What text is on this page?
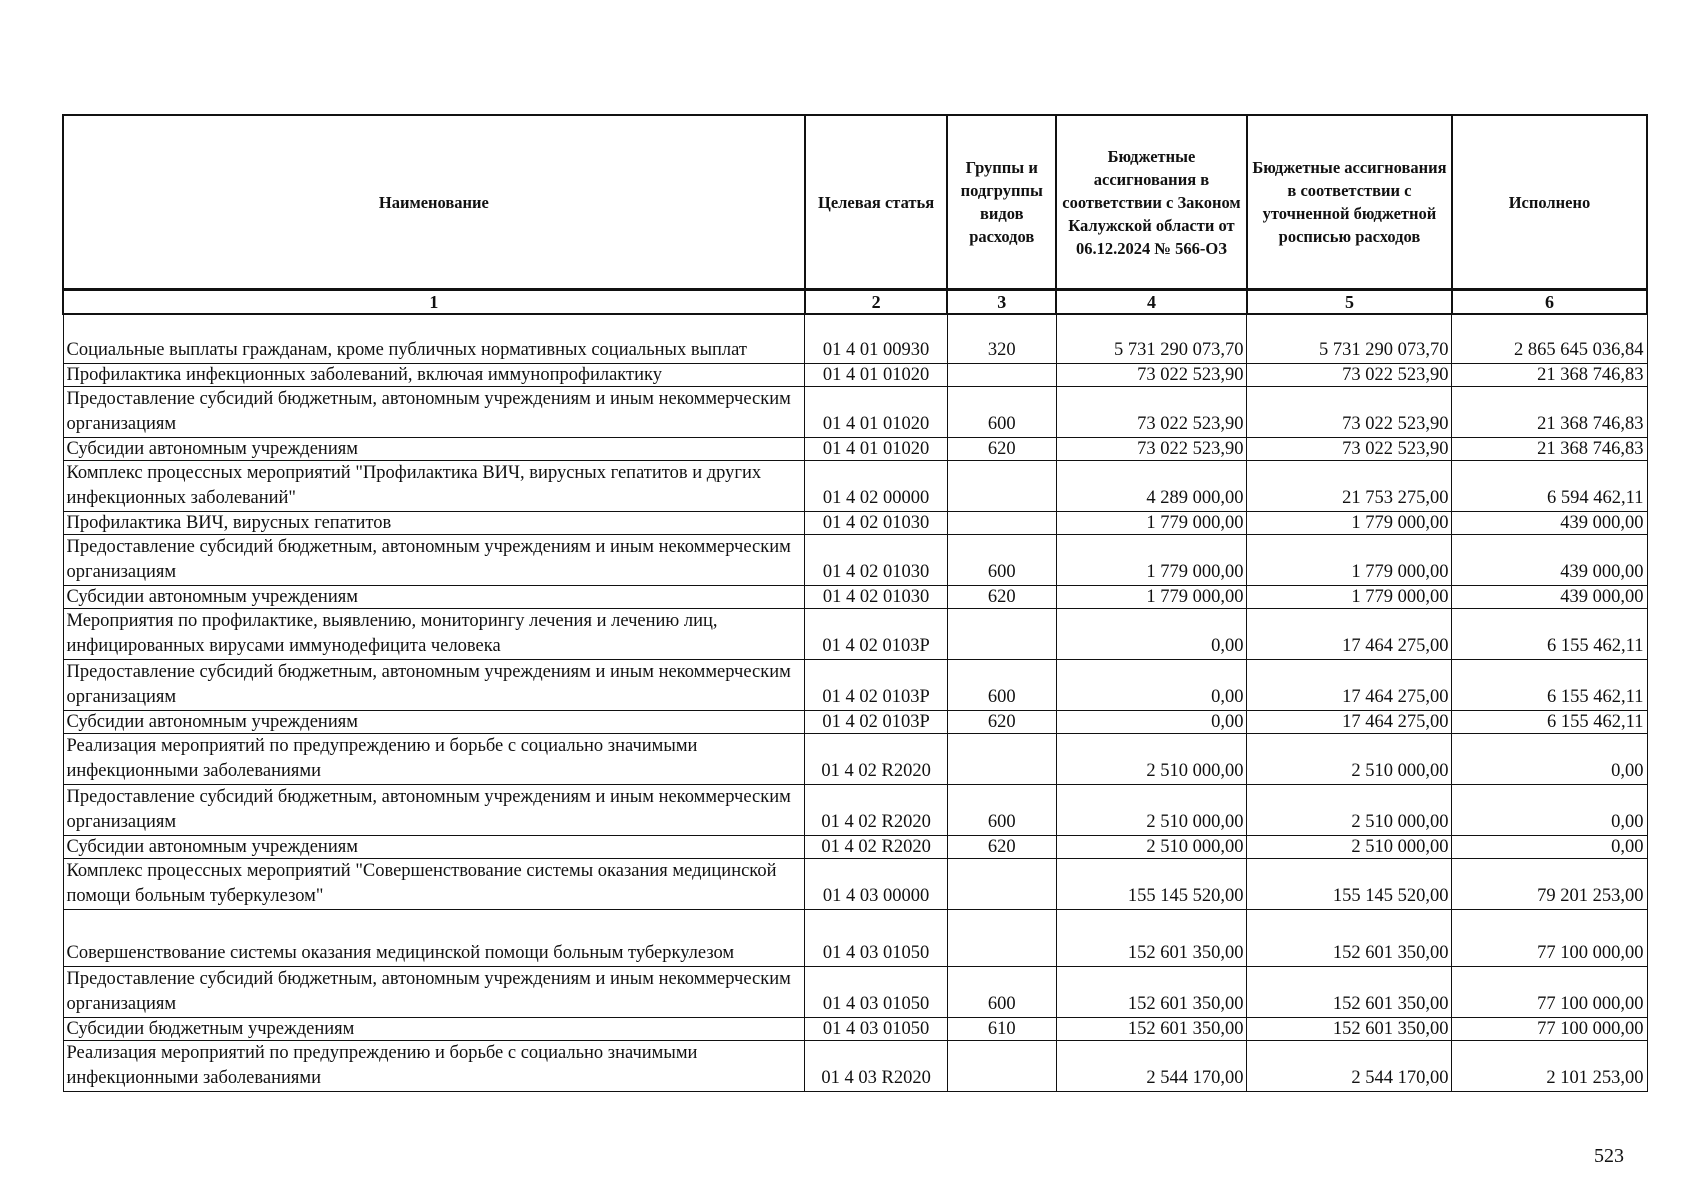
Наименование	Целевая статья	Группы и подгруппы видов расходов	Бюджетные ассигнования в соответствии с Законом Калужской области от 06.12.2024 № 566-ОЗ	Бюджетные ассигнования в соответствии с уточненной бюджетной росписью расходов	Исполнено
1	2	3	4	5	6
Социальные выплаты гражданам, кроме публичных нормативных социальных выплат	01 4 01 00930	320	5 731 290 073,70	5 731 290 073,70	2 865 645 036,84
Профилактика инфекционных заболеваний, включая иммунопрофилактику	01 4 01 01020		73 022 523,90	73 022 523,90	21 368 746,83
Предоставление субсидий бюджетным, автономным учреждениям и иным некоммерческим организациям	01 4 01 01020	600	73 022 523,90	73 022 523,90	21 368 746,83
Субсидии автономным учреждениям	01 4 01 01020	620	73 022 523,90	73 022 523,90	21 368 746,83
Комплекс процессных мероприятий "Профилактика ВИЧ, вирусных гепатитов и других инфекционных заболеваний"	01 4 02 00000		4 289 000,00	21 753 275,00	6 594 462,11
Профилактика ВИЧ, вирусных гепатитов	01 4 02 01030		1 779 000,00	1 779 000,00	439 000,00
Предоставление субсидий бюджетным, автономным учреждениям и иным некоммерческим организациям	01 4 02 01030	600	1 779 000,00	1 779 000,00	439 000,00
Субсидии автономным учреждениям	01 4 02 01030	620	1 779 000,00	1 779 000,00	439 000,00
Мероприятия по профилактике, выявлению, мониторингу лечения и лечению лиц, инфицированных вирусами иммунодефицита человека	01 4 02 0103Р		0,00	17 464 275,00	6 155 462,11
Предоставление субсидий бюджетным, автономным учреждениям и иным некоммерческим организациям	01 4 02 0103Р	600	0,00	17 464 275,00	6 155 462,11
Субсидии автономным учреждениям	01 4 02 0103Р	620	0,00	17 464 275,00	6 155 462,11
Реализация мероприятий по предупреждению и борьбе с социально значимыми инфекционными заболеваниями	01 4 02 R2020		2 510 000,00	2 510 000,00	0,00
Предоставление субсидий бюджетным, автономным учреждениям и иным некоммерческим организациям	01 4 02 R2020	600	2 510 000,00	2 510 000,00	0,00
Субсидии автономным учреждениям	01 4 02 R2020	620	2 510 000,00	2 510 000,00	0,00
Комплекс процессных мероприятий "Совершенствование системы оказания медицинской помощи больным туберкулезом"	01 4 03 00000		155 145 520,00	155 145 520,00	79 201 253,00
Совершенствование системы оказания медицинской помощи больным туберкулезом	01 4 03 01050		152 601 350,00	152 601 350,00	77 100 000,00
Предоставление субсидий бюджетным, автономным учреждениям и иным некоммерческим организациям	01 4 03 01050	600	152 601 350,00	152 601 350,00	77 100 000,00
Субсидии бюджетным учреждениям	01 4 03 01050	610	152 601 350,00	152 601 350,00	77 100 000,00
Реализация мероприятий по предупреждению и борьбе с социально значимыми инфекционными заболеваниями	01 4 03 R2020		2 544 170,00	2 544 170,00	2 101 253,00
523
